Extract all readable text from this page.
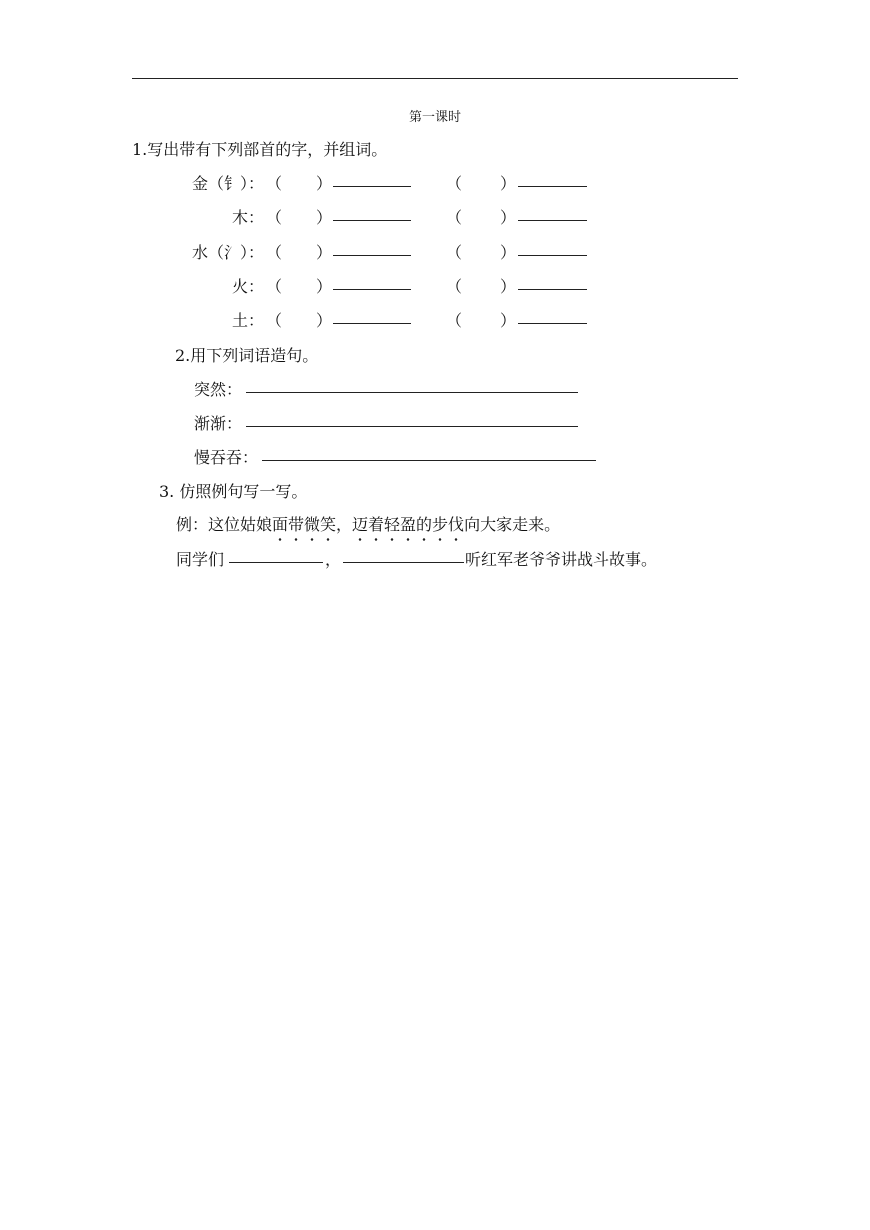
第一课时
1.写出带有下列部首的字，并组词。
金（钅）： （ ）	（ ）
木： （ ）	（ ）
水（氵）： （ ）	（ ）
火： （ ）	（ ）
土： （ ）	（ ）
2.用下列词语造句。
突然：
渐渐：
慢吞吞：
3. 仿照例句写一写。
例：这位姑娘面带微笑，迈着轻盈的步伐向大家走来。
同学们	，	听红军老爷爷讲战斗故事。
